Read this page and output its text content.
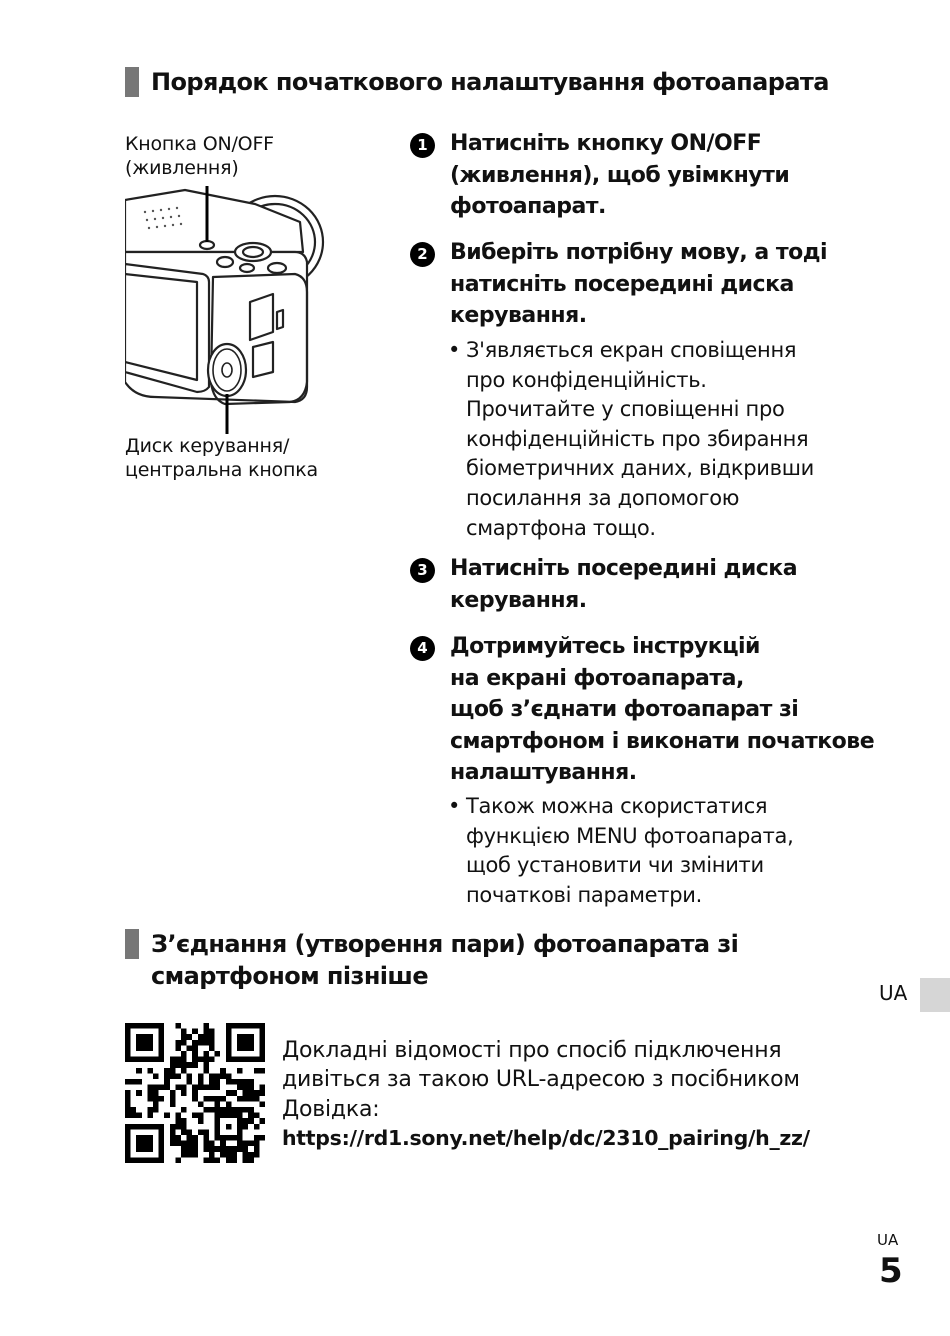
Порядок початкового налаштування фотоапарата
Кнопка ON/OFF
(живлення)
Диск керування/
центральна кнопка
1	Натисніть кнопку ON/OFF
(живлення), щоб увімкнути
фотоапарат.
2	Виберіть потрібну мову, а тоді
натисніть посередині диска
керування.
• З'являється екран сповіщення
про конфіденційність.
Прочитайте у сповіщенні про
конфіденційність про збирання
біометричних даних, відкривши
посилання за допомогою
смартфона тощо.
3	Натисніть посередині диска
керування.
4	Дотримуйтесь інструкцій
на екрані фотоапарата,
щоб з’єднати фотоапарат зі
смартфоном і виконати початкове
налаштування.
• Також можна скористатися
функцією MENU фотоапарата,
щоб установити чи змінити
початкові параметри.
З’єднання (утворення пари) фотоапарата зі смартфоном пізніше
Докладні відомості про спосіб підключення
дивіться за такою URL-адресою з посібником
Довідка:
https://rd1.sony.net/help/dc/2310_pairing/h_zz/
UA
UA
5
